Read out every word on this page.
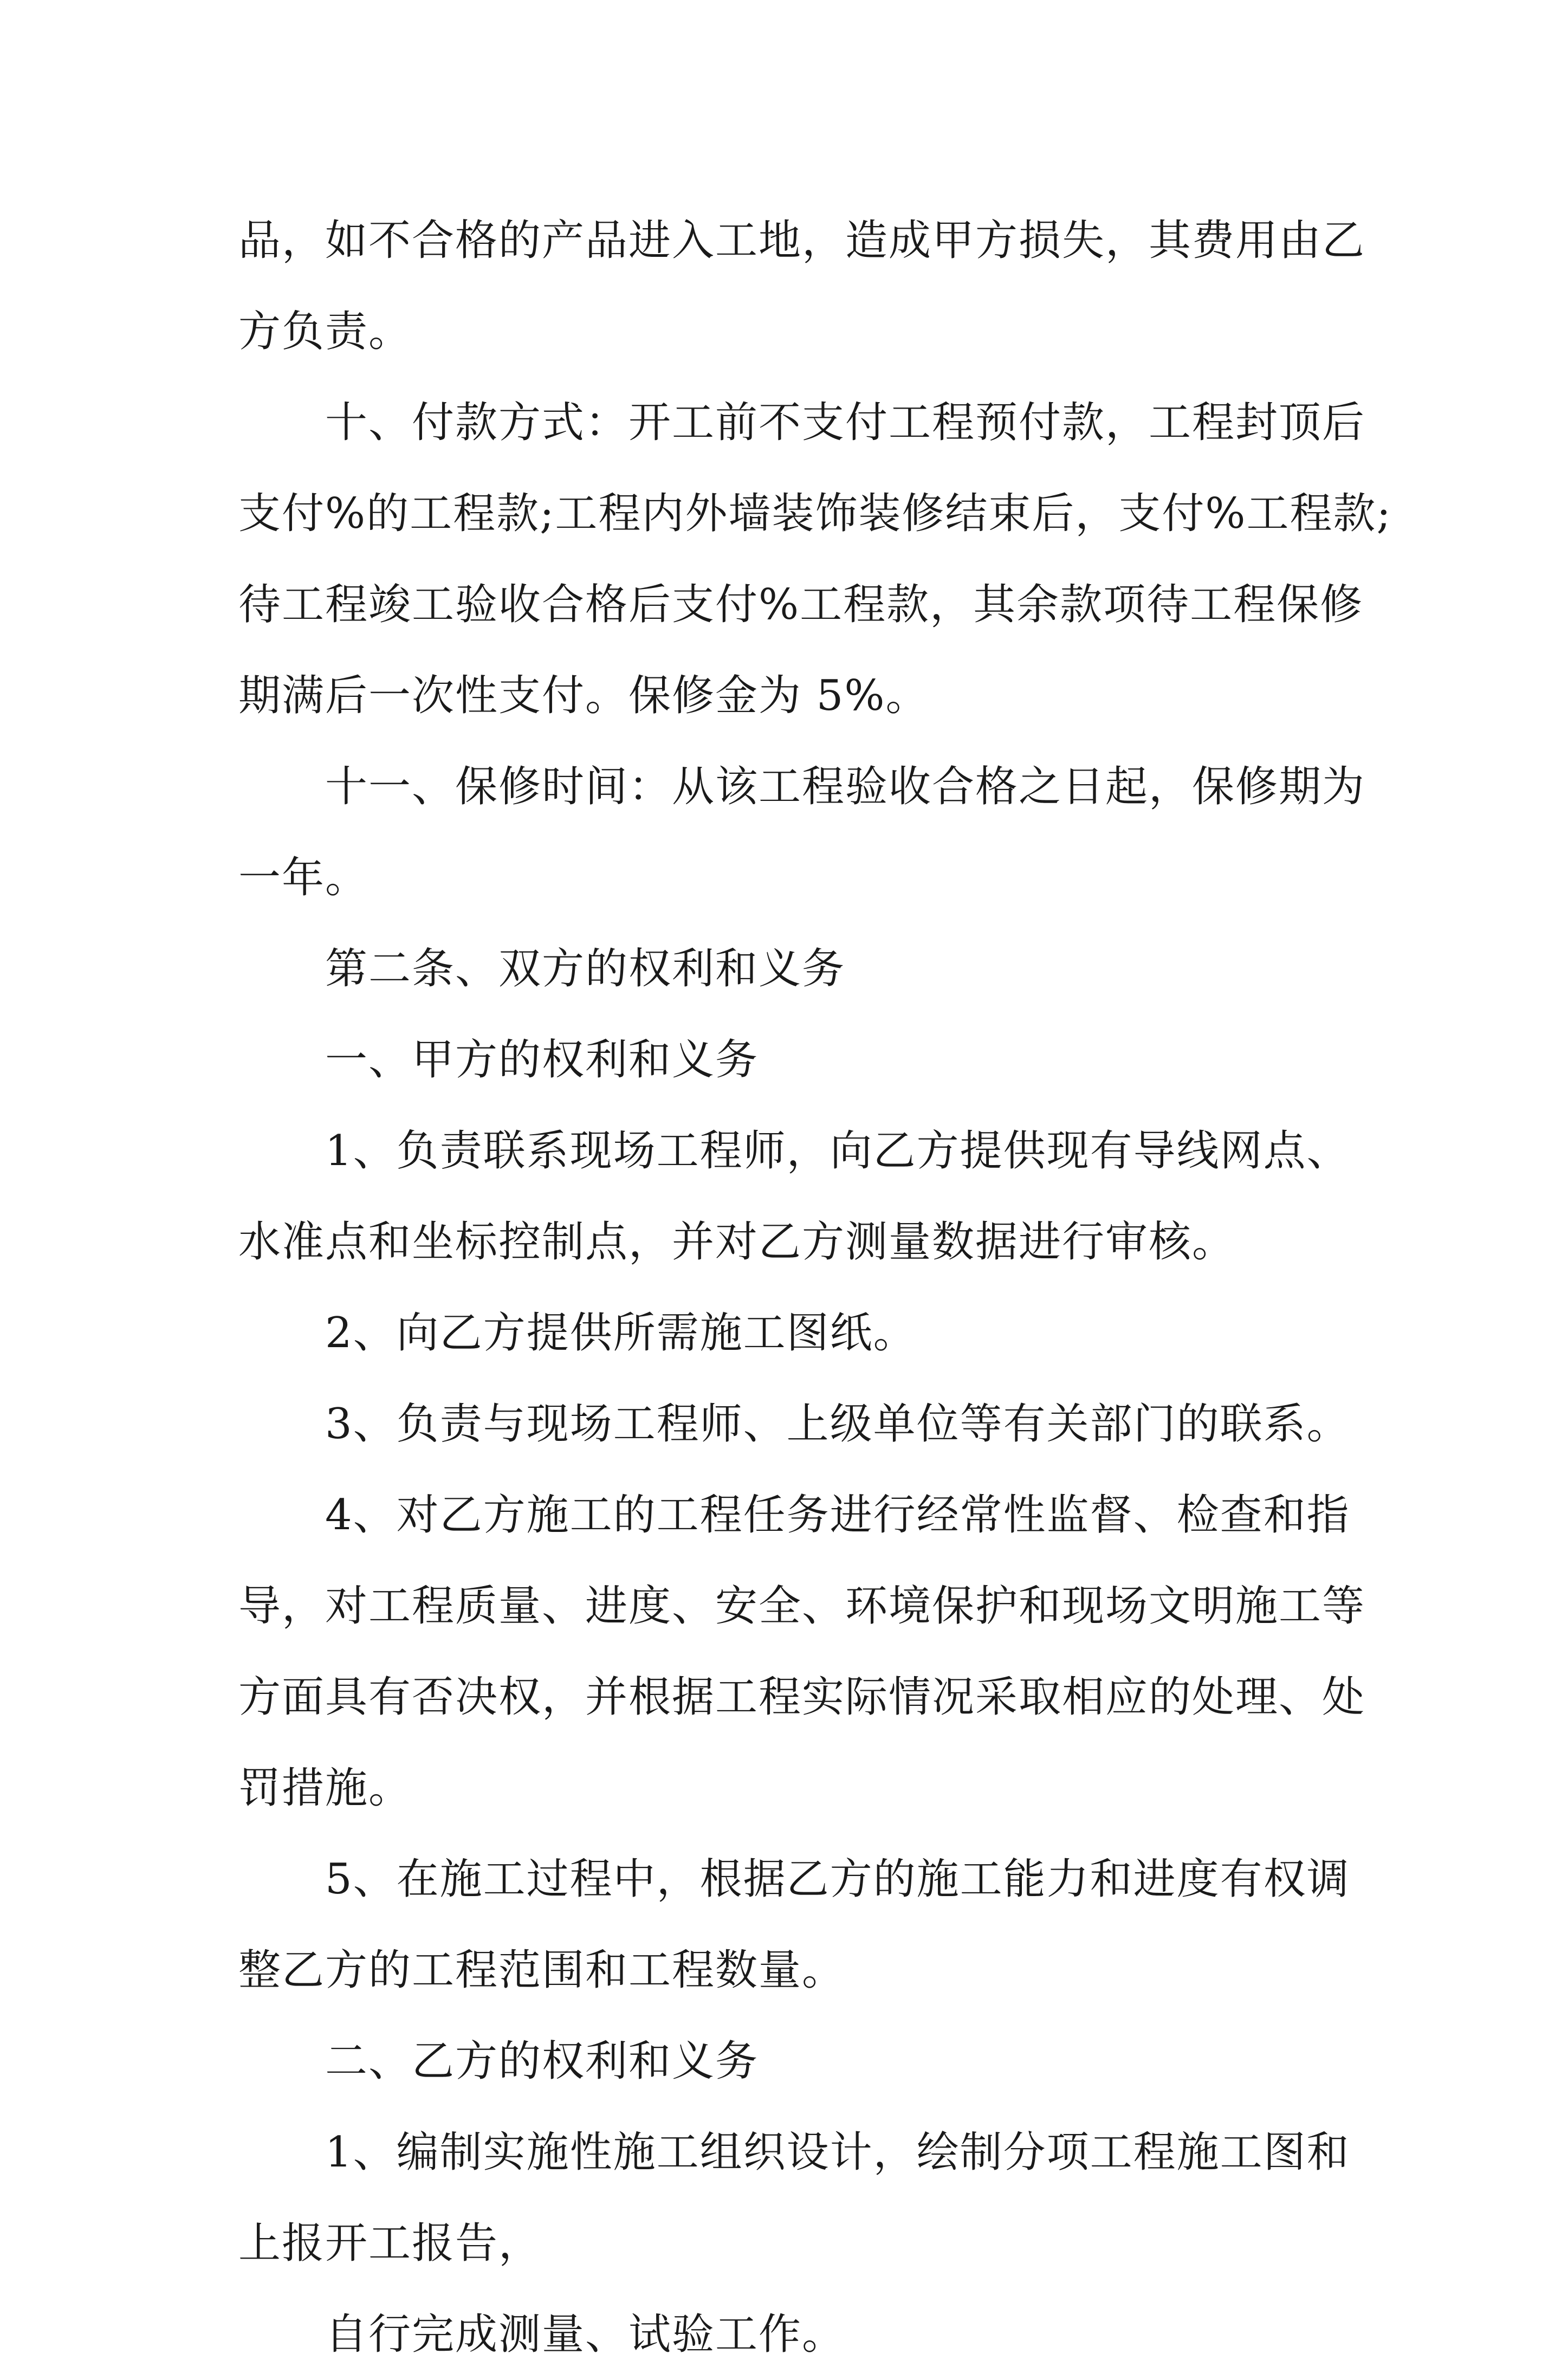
品，如不合格的产品进入工地，造成甲方损失，其费用由乙
方负责。
十、付款方式：开工前不支付工程预付款，工程封顶后
支付%的工程款;工程内外墙装饰装修结束后，支付%工程款;
待工程竣工验收合格后支付%工程款，其余款项待工程保修
期满后一次性支付。保修金为 5%。
十一、保修时间：从该工程验收合格之日起，保修期为
一年。
第二条、双方的权利和义务
一、甲方的权利和义务
1、负责联系现场工程师，向乙方提供现有导线网点、
水准点和坐标控制点，并对乙方测量数据进行审核。
2、向乙方提供所需施工图纸。
3、负责与现场工程师、上级单位等有关部门的联系。
4、对乙方施工的工程任务进行经常性监督、检查和指
导，对工程质量、进度、安全、环境保护和现场文明施工等
方面具有否决权，并根据工程实际情况采取相应的处理、处
罚措施。
5、在施工过程中，根据乙方的施工能力和进度有权调
整乙方的工程范围和工程数量。
二、乙方的权利和义务
1、编制实施性施工组织设计，绘制分项工程施工图和
上报开工报告，
自行完成测量、试验工作。
